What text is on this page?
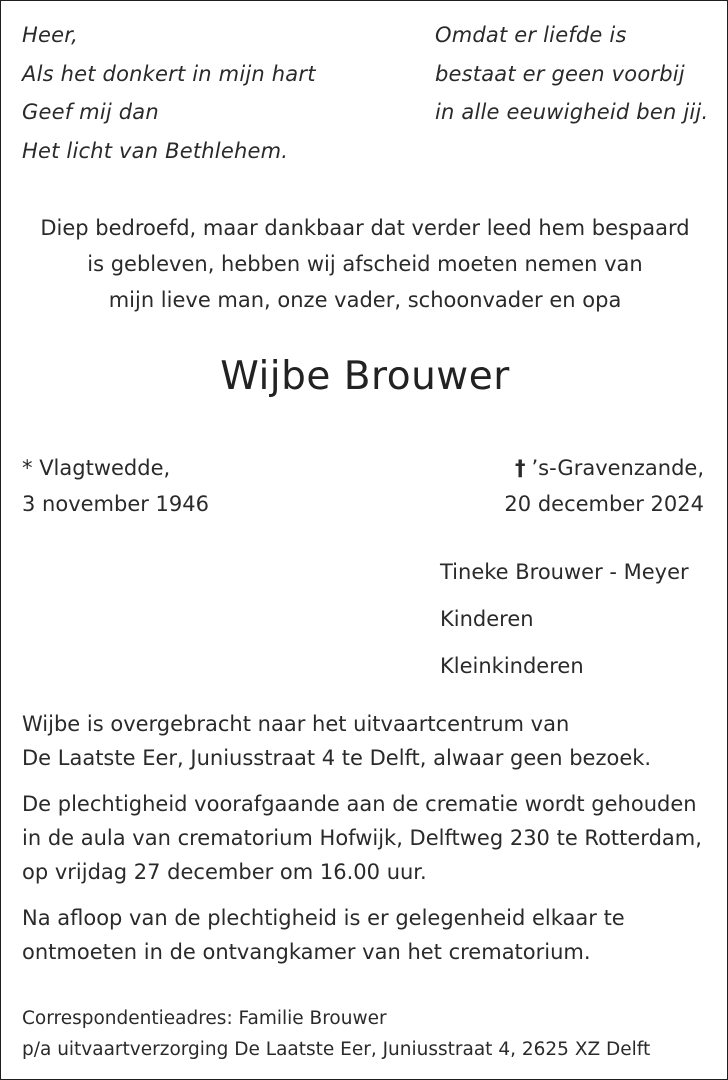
Heer,
Als het donkert in mijn hart
Geef mij dan
Het licht van Bethlehem.
Omdat er liefde is
bestaat er geen voorbij
in alle eeuwigheid ben jij.
Diep bedroefd, maar dankbaar dat verder leed hem bespaard
is gebleven, hebben wij afscheid moeten nemen van
mijn lieve man, onze vader, schoonvader en opa
Wijbe Brouwer
* Vlagtwedde,
3 november 1946
† ’s-Gravenzande,
20 december 2024
Tineke Brouwer - Meyer
Kinderen
Kleinkinderen

Wijbe is overgebracht naar het uitvaartcentrum van
De Laatste Eer, Juniusstraat 4 te Delft, alwaar geen bezoek.

De plechtigheid voorafgaande aan de crematie wordt gehouden
in de aula van crematorium Hofwijk, Delftweg 230 te Rotterdam,
op vrijdag 27 december om 16.00 uur.

Na afloop van de plechtigheid is er gelegenheid elkaar te
ontmoeten in de ontvangkamer van het crematorium.

Correspondentieadres: Familie Brouwer
p/a uitvaartverzorging De Laatste Eer, Juniusstraat 4, 2625 XZ Delft
